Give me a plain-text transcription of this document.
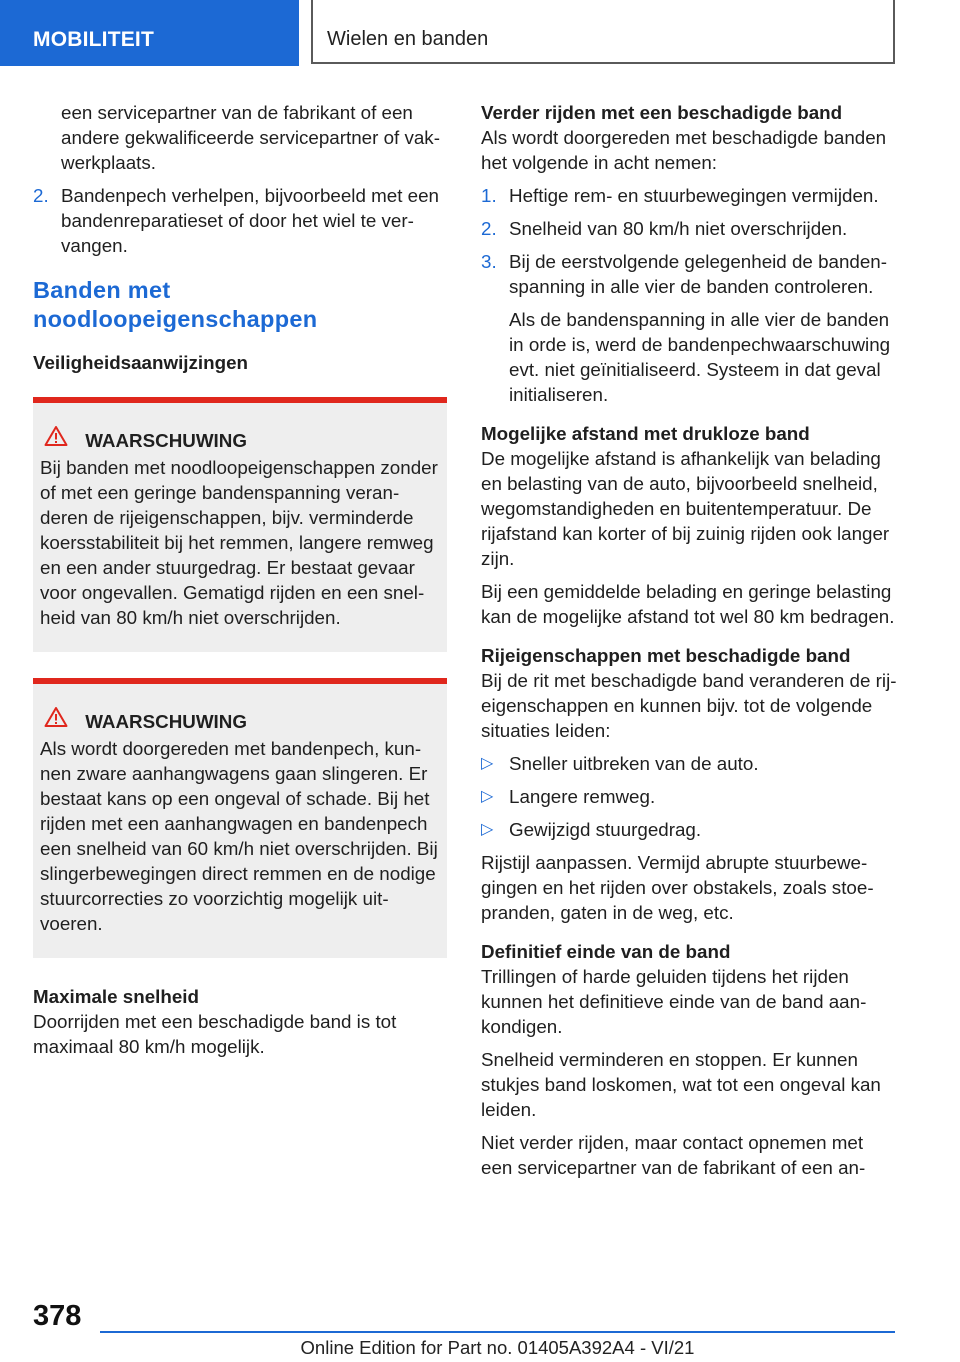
MOBILITEIT	Wielen en banden

een servicepartner van de fabrikant of een andere gekwalificeerde servicepartner of vakwerkplaats.

2. Bandenpech verhelpen, bijvoorbeeld met een bandenreparatieset of door het wiel te vervangen.
Banden met noodloopeigenschappen

Veiligheidsaanwijzingen

WAARSCHUWING
Bij banden met noodloopeigenschappen zonder of met een geringe bandenspanning veranderen de rijeigenschappen, bijv. verminderde koersstabiliteit bij het remmen, langere remweg en een ander stuurgedrag. Er bestaat gevaar voor ongevallen. Gematigd rijden en een snelheid van 80 km/h niet overschrijden.
WAARSCHUWING
Als wordt doorgereden met bandenpech, kunnen zware aanhangwagens gaan slingeren. Er bestaat kans op een ongeval of schade. Bij het rijden met een aanhangwagen en bandenpech een snelheid van 60 km/h niet overschrijden. Bij slingerbewegingen direct remmen en de nodige stuurcorrecties zo voorzichtig mogelijk uitvoeren.

Maximale snelheid

Doorrijden met een beschadigde band is tot maximaal 80 km/h mogelijk.

Verder rijden met een beschadigde band

Als wordt doorgereden met beschadigde banden het volgende in acht nemen:

1. Heftige rem- en stuurbewegingen vermijden.
2. Snelheid van 80 km/h niet overschrijden.
3. Bij de eerstvolgende gelegenheid de bandenspanning in alle vier de banden controleren.
Als de bandenspanning in alle vier de banden in orde is, werd de bandenpechwaarschuwing evt. niet geïnitialiseerd. Systeem in dat geval initialiseren.

Mogelijke afstand met drukloze band

De mogelijke afstand is afhankelijk van belading en belasting van de auto, bijvoorbeeld snelheid, wegomstandigheden en buitentemperatuur. De rijafstand kan korter of bij zuinig rijden ook langer zijn.

Bij een gemiddelde belading en geringe belasting kan de mogelijke afstand tot wel 80 km bedragen.

Rijeigenschappen met beschadigde band

Bij de rit met beschadigde band veranderen de rij-eigenschappen en kunnen bijv. tot de volgende situaties leiden:

▷ Sneller uitbreken van de auto.
▷ Langere remweg.
▷ Gewijzigd stuurgedrag.

Rijstijl aanpassen. Vermijd abrupte stuurbewegingen en het rijden over obstakels, zoals stoepranden, gaten in de weg, etc.

Definitief einde van de band

Trillingen of harde geluiden tijdens het rijden kunnen het definitieve einde van de band aankondigen.

Snelheid verminderen en stoppen. Er kunnen stukjes band loskomen, wat tot een ongeval kan leiden.

Niet verder rijden, maar contact opnemen met een servicepartner van de fabrikant of een an-

378
Online Edition for Part no. 01405A392A4 - VI/21
